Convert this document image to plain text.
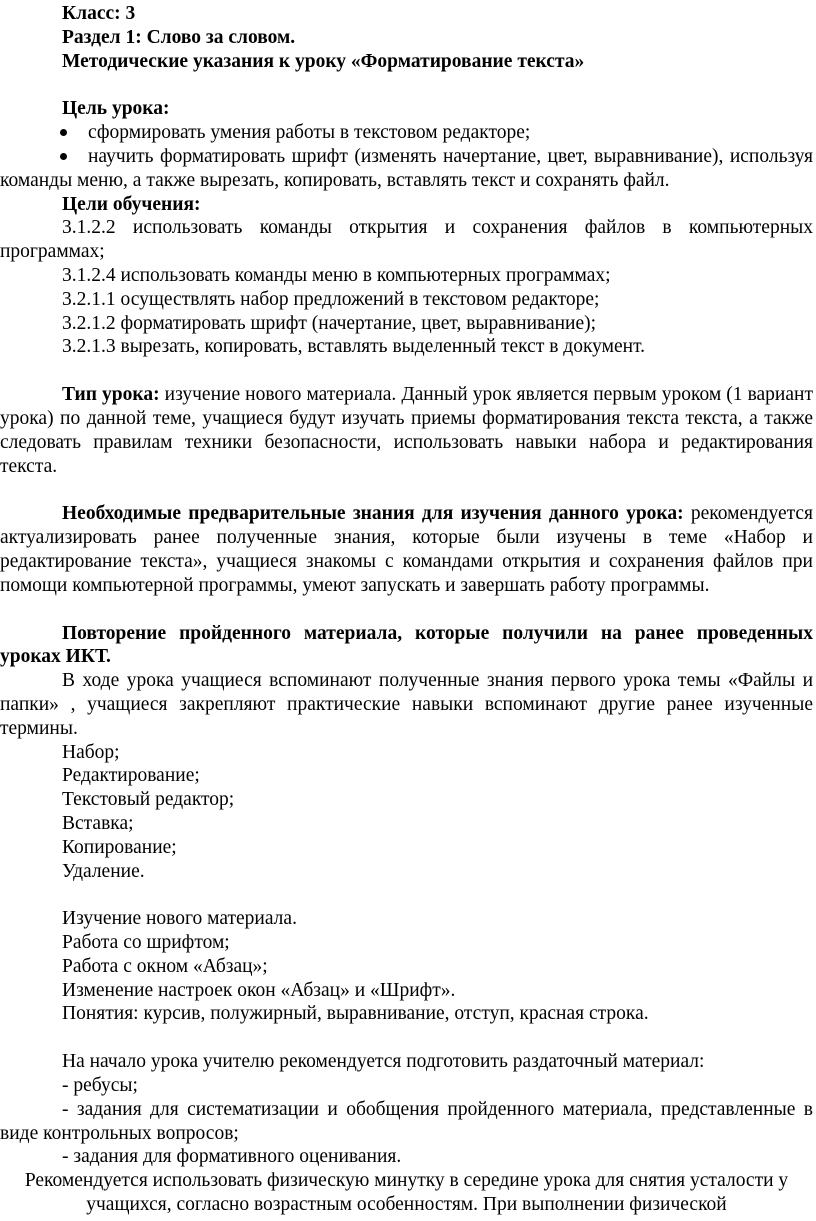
Класс: 3

Раздел 1: Слово за словом.

Методические указания к уроку «Форматирование текста»

Цель урока:

сформировать умения работы в текстовом редакторе;

научить форматировать шрифт (изменять начертание, цвет, выравнивание), используя команды меню, а также вырезать, копировать, вставлять текст и сохранять файл.

Цели обучения:

3.1.2.2 использовать команды открытия и сохранения файлов в компьютерных программах;

3.1.2.4 использовать команды меню в компьютерных программах;

3.2.1.1 осуществлять набор предложений в текстовом редакторе;

3.2.1.2 форматировать шрифт (начертание, цвет, выравнивание);

3.2.1.3 вырезать, копировать, вставлять выделенный текст в документ.

Тип урока: изучение нового материала. Данный урок является первым уроком (1 вариант урока) по данной теме, учащиеся будут изучать приемы форматирования текста текста, а также следовать правилам техники безопасности, использовать навыки набора и редактирования текста.

Необходимые предварительные знания для изучения данного урока: рекомендуется актуализировать ранее полученные знания, которые были изучены в теме «Набор и редактирование текста», учащиеся знакомы с командами открытия и сохранения файлов при помощи компьютерной программы, умеют запускать и завершать работу программы.

Повторение пройденного материала, которые получили на ранее проведенных уроках ИКТ.

В ходе урока учащиеся вспоминают полученные знания первого урока темы «Файлы и папки» , учащиеся закрепляют практические навыки вспоминают другие ранее изученные термины.

Набор;

Редактирование;

Текстовый редактор;

Вставка;

Копирование;

Удаление.

Изучение нового материала.

Работа со шрифтом;

Работа с окном «Абзац»;

Изменение настроек окон «Абзац» и «Шрифт».

Понятия: курсив, полужирный, выравнивание, отступ, красная строка.

На начало урока учителю рекомендуется подготовить раздаточный материал:

- ребусы;

- задания для систематизации и обобщения пройденного материала, представленные в виде контрольных вопросов;

- задания для формативного оценивания.

Рекомендуется использовать физическую минутку в середине урока для снятия усталости у учащихся, согласно возрастным особенностям. При выполнении физической
